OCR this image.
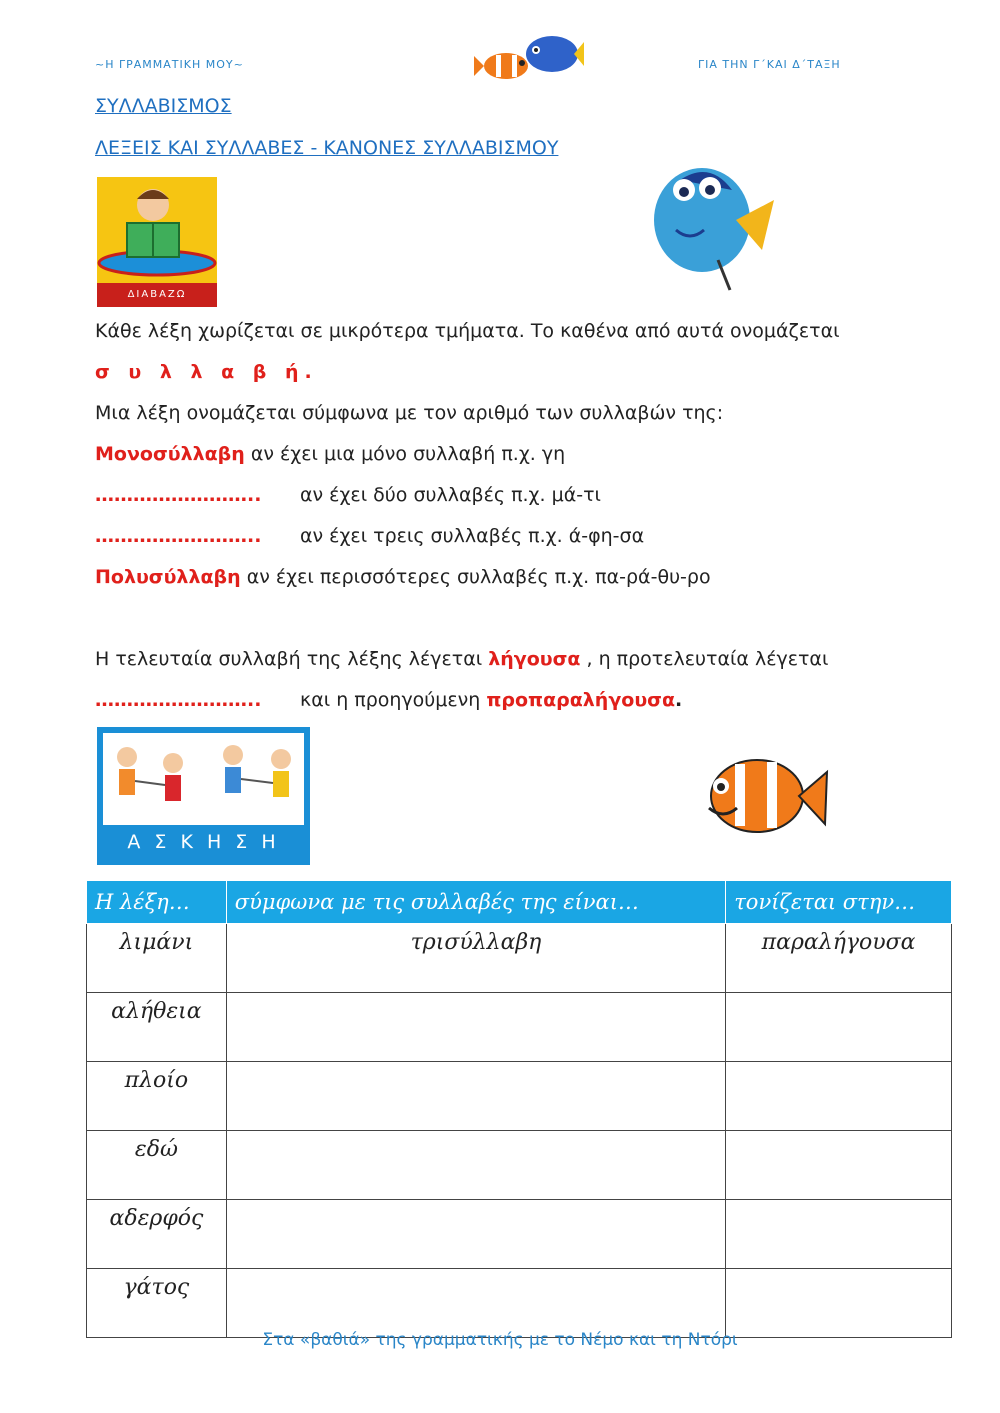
~Η ΓΡΑΜΜΑΤΙΚΗ ΜΟΥ~	ΓΙΑ ΤΗΝ Γ΄ΚΑΙ Δ΄ΤΑΞΗ
ΣΥΛΛΑΒΙΣΜΟΣ
ΛΕΞΕΙΣ ΚΑΙ ΣΥΛΛΑΒΕΣ - ΚΑΝΟΝΕΣ ΣΥΛΛΑΒΙΣΜΟΥ
ΔΙΑΒΑΖΩ
Κάθε λέξη χωρίζεται σε μικρότερα τμήματα. Το καθένα από αυτά ονομάζεται
σ υ λ λ α β ή.
Μια λέξη ονομάζεται σύμφωνα με τον αριθμό των συλλαβών της:
Μονοσύλλαβη αν έχει μια μόνο συλλαβή π.χ. γη
…………………….. αν έχει δύο συλλαβές π.χ. μά-τι
…………………….. αν έχει τρεις συλλαβές π.χ. ά-φη-σα
Πολυσύλλαβη αν έχει περισσότερες συλλαβές π.χ. πα-ρά-θυ-ρο
Η τελευταία συλλαβή της λέξης λέγεται λήγουσα , η προτελευταία λέγεται
…………………….. και η προηγούμενη προπαραλήγουσα.
Α Σ Κ Η Σ Η
Η λέξη…	σύμφωνα με τις συλλαβές της είναι…	τονίζεται στην…
λιμάνι	τρισύλλαβη	παραλήγουσα
αλήθεια		
πλοίο		
εδώ		
αδερφός		
γάτος		
Στα «βαθιά» της γραμματικής με το Νέμο και τη Ντόρι
